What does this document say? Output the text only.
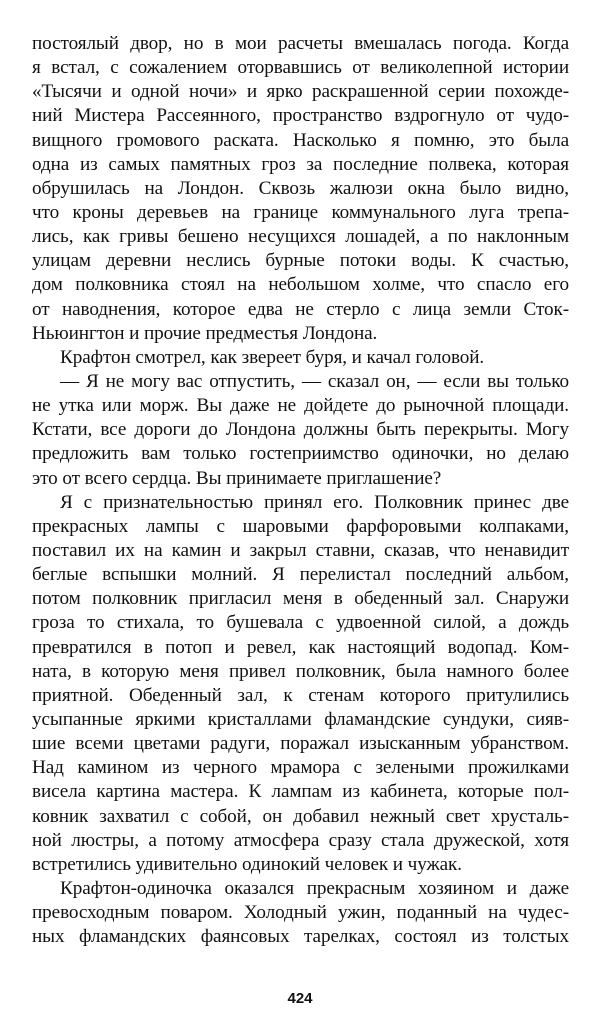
постоялый двор, но в мои расчеты вмешалась погода. Когда
я встал, с сожалением оторвавшись от великолепной истории
«Тысячи и одной ночи» и ярко раскрашенной серии похожде-
ний Мистера Рассеянного, пространство вздрогнуло от чудо-
вищного громового раската. Насколько я помню, это была
одна из самых памятных гроз за последние полвека, которая
обрушилась на Лондон. Сквозь жалюзи окна было видно,
что кроны деревьев на границе коммунального луга трепа-
лись, как гривы бешено несущихся лошадей, а по наклонным
улицам деревни неслись бурные потоки воды. К счастью,
дом полковника стоял на небольшом холме, что спасло его
от наводнения, которое едва не стерло с лица земли Сток-
Ньюингтон и прочие предместья Лондона.
Крафтон смотрел, как зверeет буря, и качал головой.
— Я не могу вас отпустить, — сказал он, — если вы только
не утка или морж. Вы даже не дойдете до рыночной площади.
Кстати, все дороги до Лондона должны быть перекрыты. Могу
предложить вам только гостеприимство одиночки, но делаю
это от всего сердца. Вы принимаете приглашение?
Я с признательностью принял его. Полковник принес две
прекрасных лампы с шаровыми фарфоровыми колпаками,
поставил их на камин и закрыл ставни, сказав, что ненавидит
беглые вспышки молний. Я перелистал последний альбом,
потом полковник пригласил меня в обеденный зал. Снаружи
гроза то стихала, то бушевала с удвоенной силой, а дождь
превратился в потоп и ревел, как настоящий водопад. Ком-
ната, в которую меня привел полковник, была намного более
приятной. Обеденный зал, к стенам которого притулились
усыпанные яркими кристаллами фламандские сундуки, сияв-
шие всеми цветами радуги, поражал изысканным убранством.
Над камином из черного мрамора с зелеными прожилками
висела картина мастера. К лампам из кабинета, которые пол-
ковник захватил с собой, он добавил нежный свет хрусталь-
ной люстры, а потому атмосфера сразу стала дружеской, хотя
встретились удивительно одинокий человек и чужак.
Крафтон-одиночка оказался прекрасным хозяином и даже
превосходным поваром. Холодный ужин, поданный на чудес-
ных фламандских фаянсовых тарелках, состоял из толстых
424
